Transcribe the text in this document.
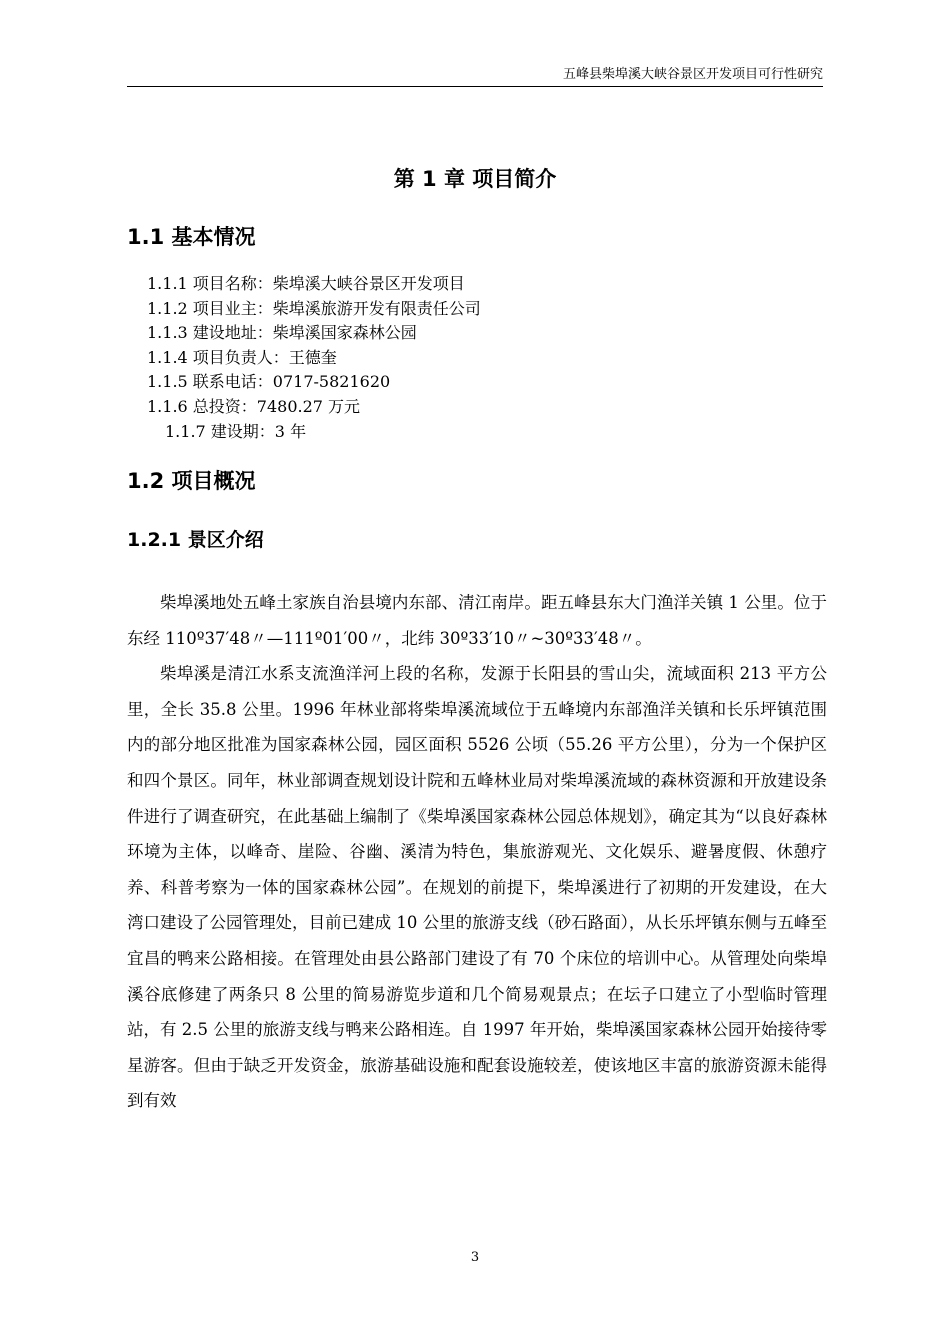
五峰县柴埠溪大峡谷景区开发项目可行性研究
第 1 章 项目简介
1.1 基本情况
1.1.1 项目名称：柴埠溪大峡谷景区开发项目
1.1.2 项目业主：柴埠溪旅游开发有限责任公司
1.1.3 建设地址：柴埠溪国家森林公园
1.1.4 项目负责人：王德奎
1.1.5 联系电话：0717-5821620
1.1.6 总投资：7480.27 万元
1.1.7 建设期：3 年
1.2 项目概况
1.2.1 景区介绍

柴埠溪地处五峰土家族自治县境内东部、清江南岸。距五峰县东大门渔洋关镇 1 公里。位于东经 110º37′48〃—111º01′00〃，北纬 30º33′10〃~30º33′48〃。

柴埠溪是清江水系支流渔洋河上段的名称，发源于长阳县的雪山尖，流域面积 213 平方公里，全长 35.8 公里。1996 年林业部将柴埠溪流域位于五峰境内东部渔洋关镇和长乐坪镇范围内的部分地区批准为国家森林公园，园区面积 5526 公顷（55.26 平方公里），分为一个保护区和四个景区。同年，林业部调查规划设计院和五峰林业局对柴埠溪流域的森林资源和开放建设条件进行了调查研究，在此基础上编制了《柴埠溪国家森林公园总体规划》，确定其为“以良好森林环境为主体，以峰奇、崖险、谷幽、溪清为特色，集旅游观光、文化娱乐、避暑度假、休憩疗养、科普考察为一体的国家森林公园”。在规划的前提下，柴埠溪进行了初期的开发建设，在大湾口建设了公园管理处，目前已建成 10 公里的旅游支线（砂石路面），从长乐坪镇东侧与五峰至宜昌的鸭来公路相接。在管理处由县公路部门建设了有 70 个床位的培训中心。从管理处向柴埠溪谷底修建了两条只 8 公里的简易游览步道和几个简易观景点；在坛子口建立了小型临时管理站，有 2.5 公里的旅游支线与鸭来公路相连。自 1997 年开始，柴埠溪国家森林公园开始接待零星游客。但由于缺乏开发资金，旅游基础设施和配套设施较差，使该地区丰富的旅游资源未能得到有效

3
